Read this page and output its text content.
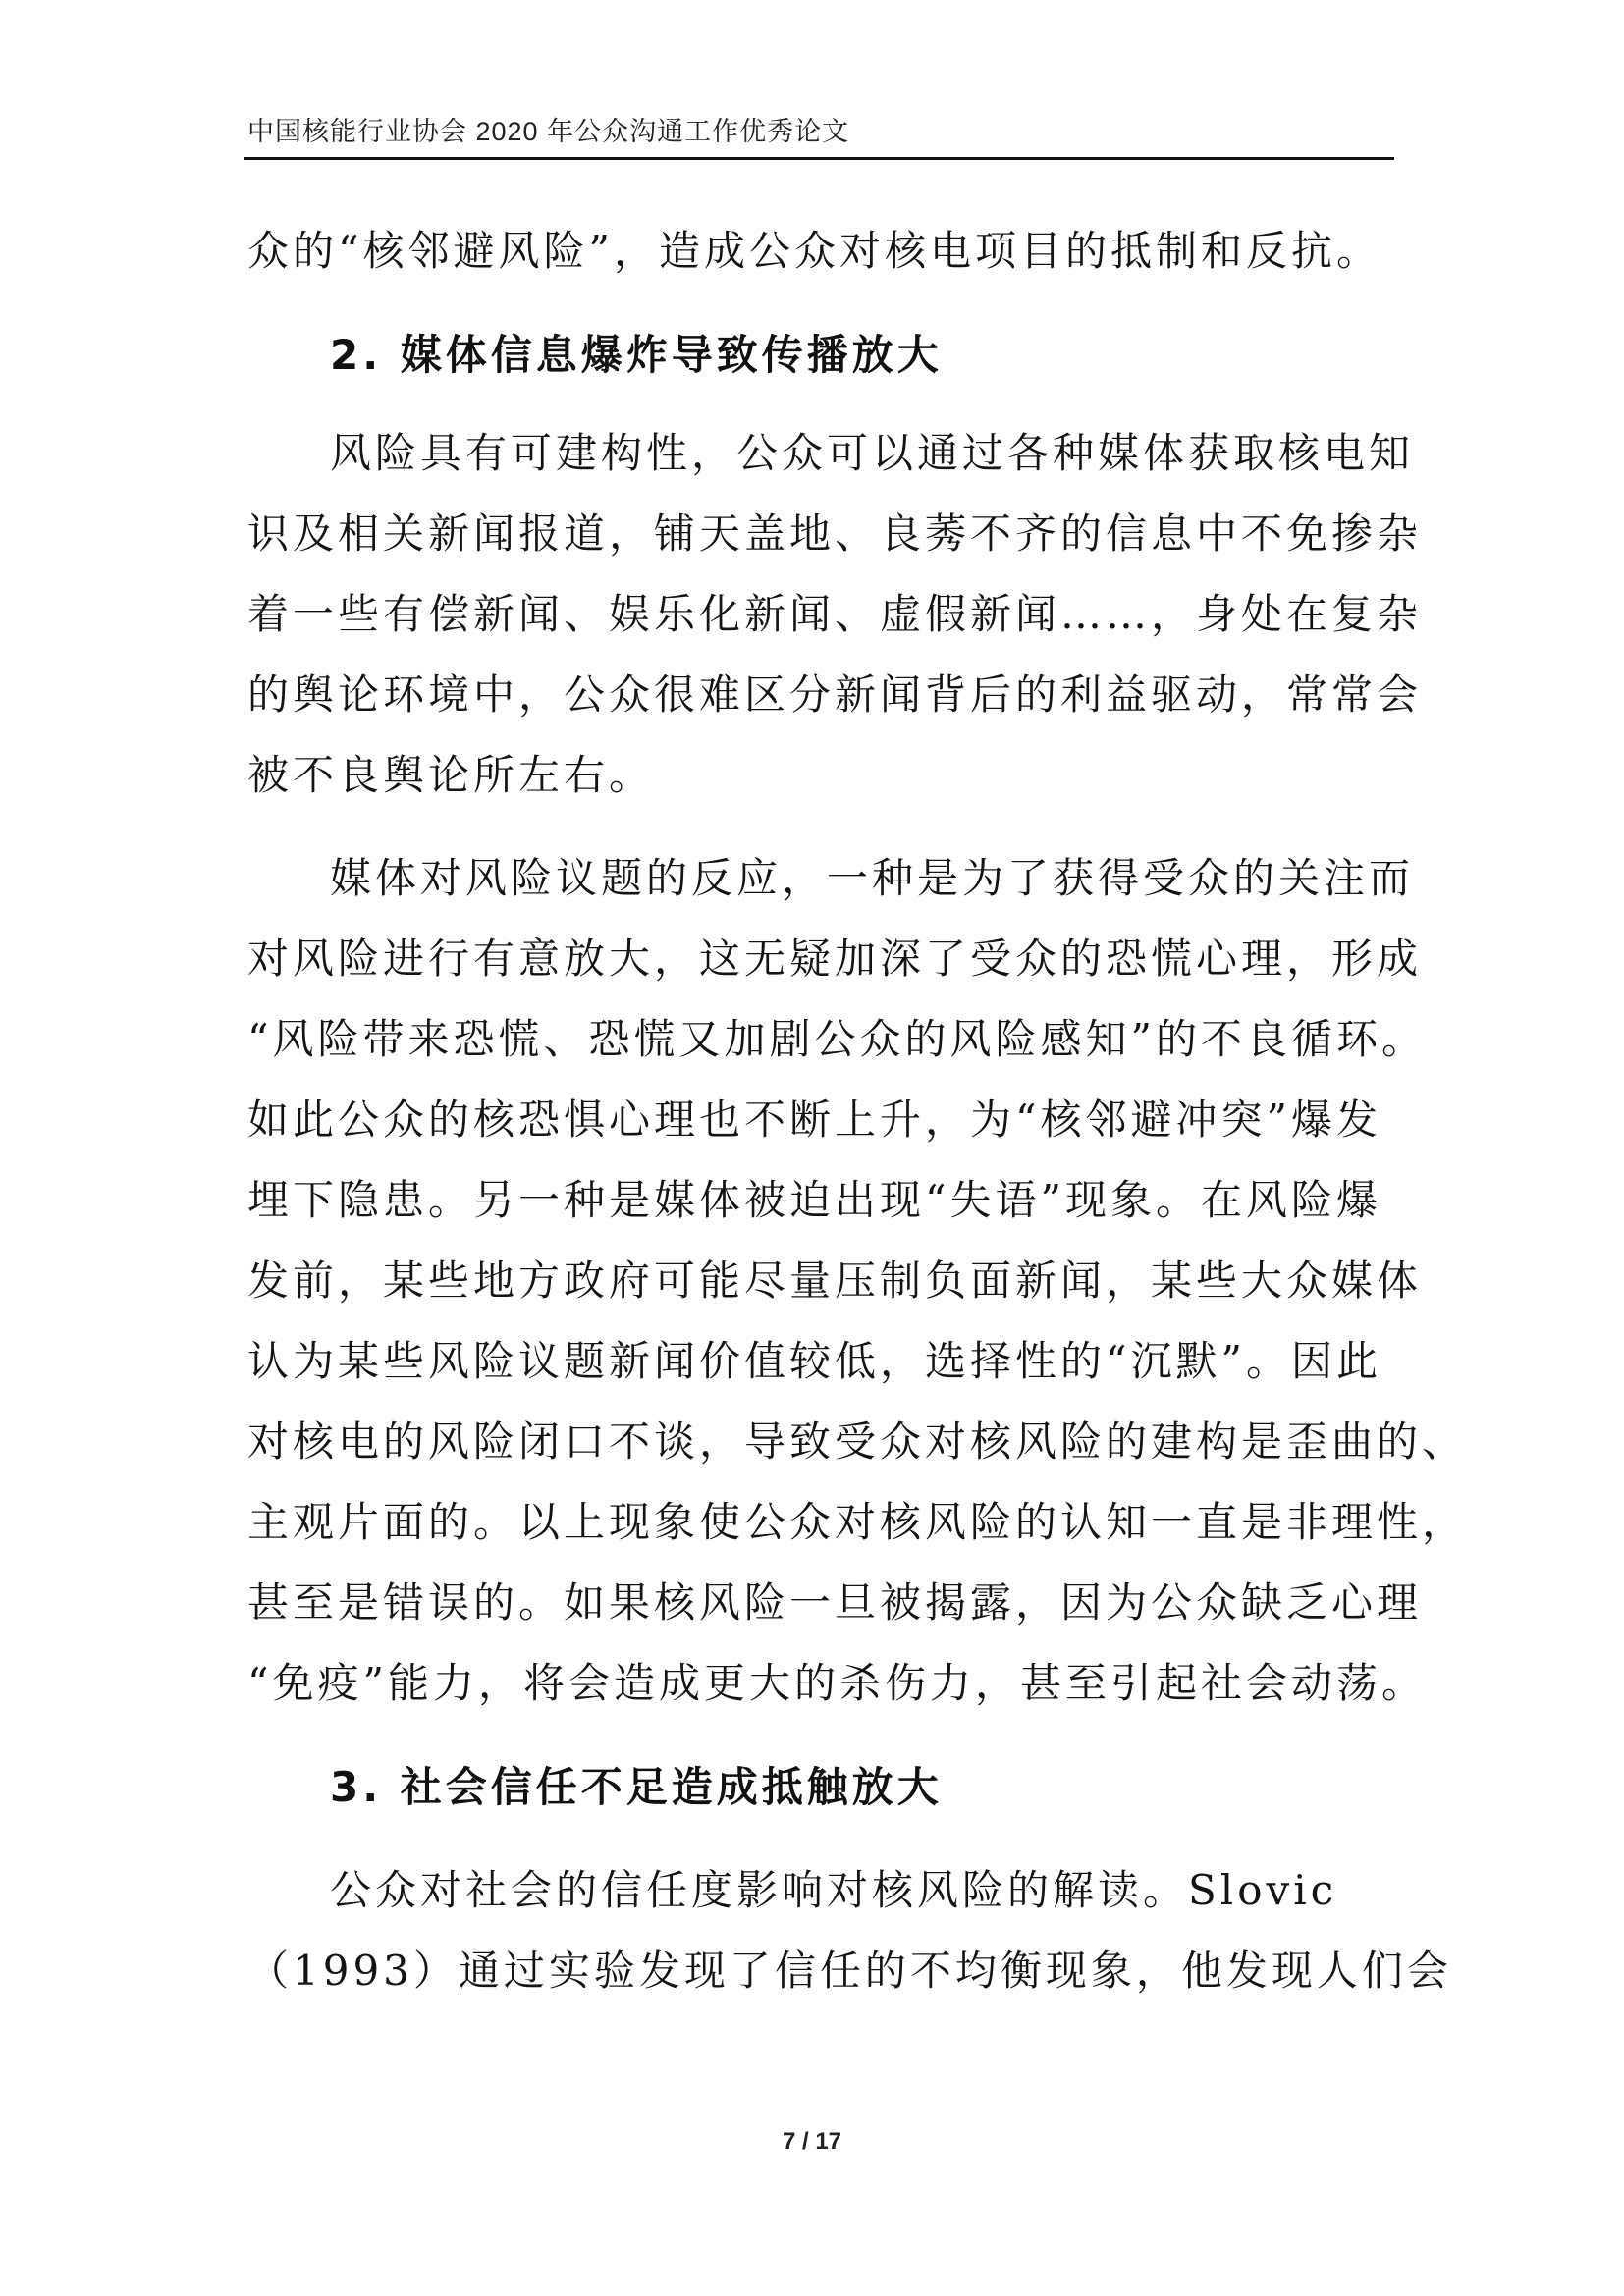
中国核能行业协会 2020 年公众沟通工作优秀论文
众的“核邻避风险”，造成公众对核电项目的抵制和反抗。
2. 媒体信息爆炸导致传播放大
风险具有可建构性，公众可以通过各种媒体获取核电知
识及相关新闻报道，铺天盖地、良莠不齐的信息中不免掺杂
着一些有偿新闻、娱乐化新闻、虚假新闻……，身处在复杂
的舆论环境中，公众很难区分新闻背后的利益驱动，常常会
被不良舆论所左右。
媒体对风险议题的反应，一种是为了获得受众的关注而
对风险进行有意放大，这无疑加深了受众的恐慌心理，形成
“风险带来恐慌、恐慌又加剧公众的风险感知”的不良循环。
如此公众的核恐惧心理也不断上升，为“核邻避冲突”爆发
埋下隐患。另一种是媒体被迫出现“失语”现象。在风险爆
发前，某些地方政府可能尽量压制负面新闻，某些大众媒体
认为某些风险议题新闻价值较低，选择性的“沉默”。因此
对核电的风险闭口不谈，导致受众对核风险的建构是歪曲的、
主观片面的。以上现象使公众对核风险的认知一直是非理性，
甚至是错误的。如果核风险一旦被揭露，因为公众缺乏心理
“免疫”能力，将会造成更大的杀伤力，甚至引起社会动荡。
3. 社会信任不足造成抵触放大
公众对社会的信任度影响对核风险的解读。Slovic
（1993）通过实验发现了信任的不均衡现象，他发现人们会
7 / 17
